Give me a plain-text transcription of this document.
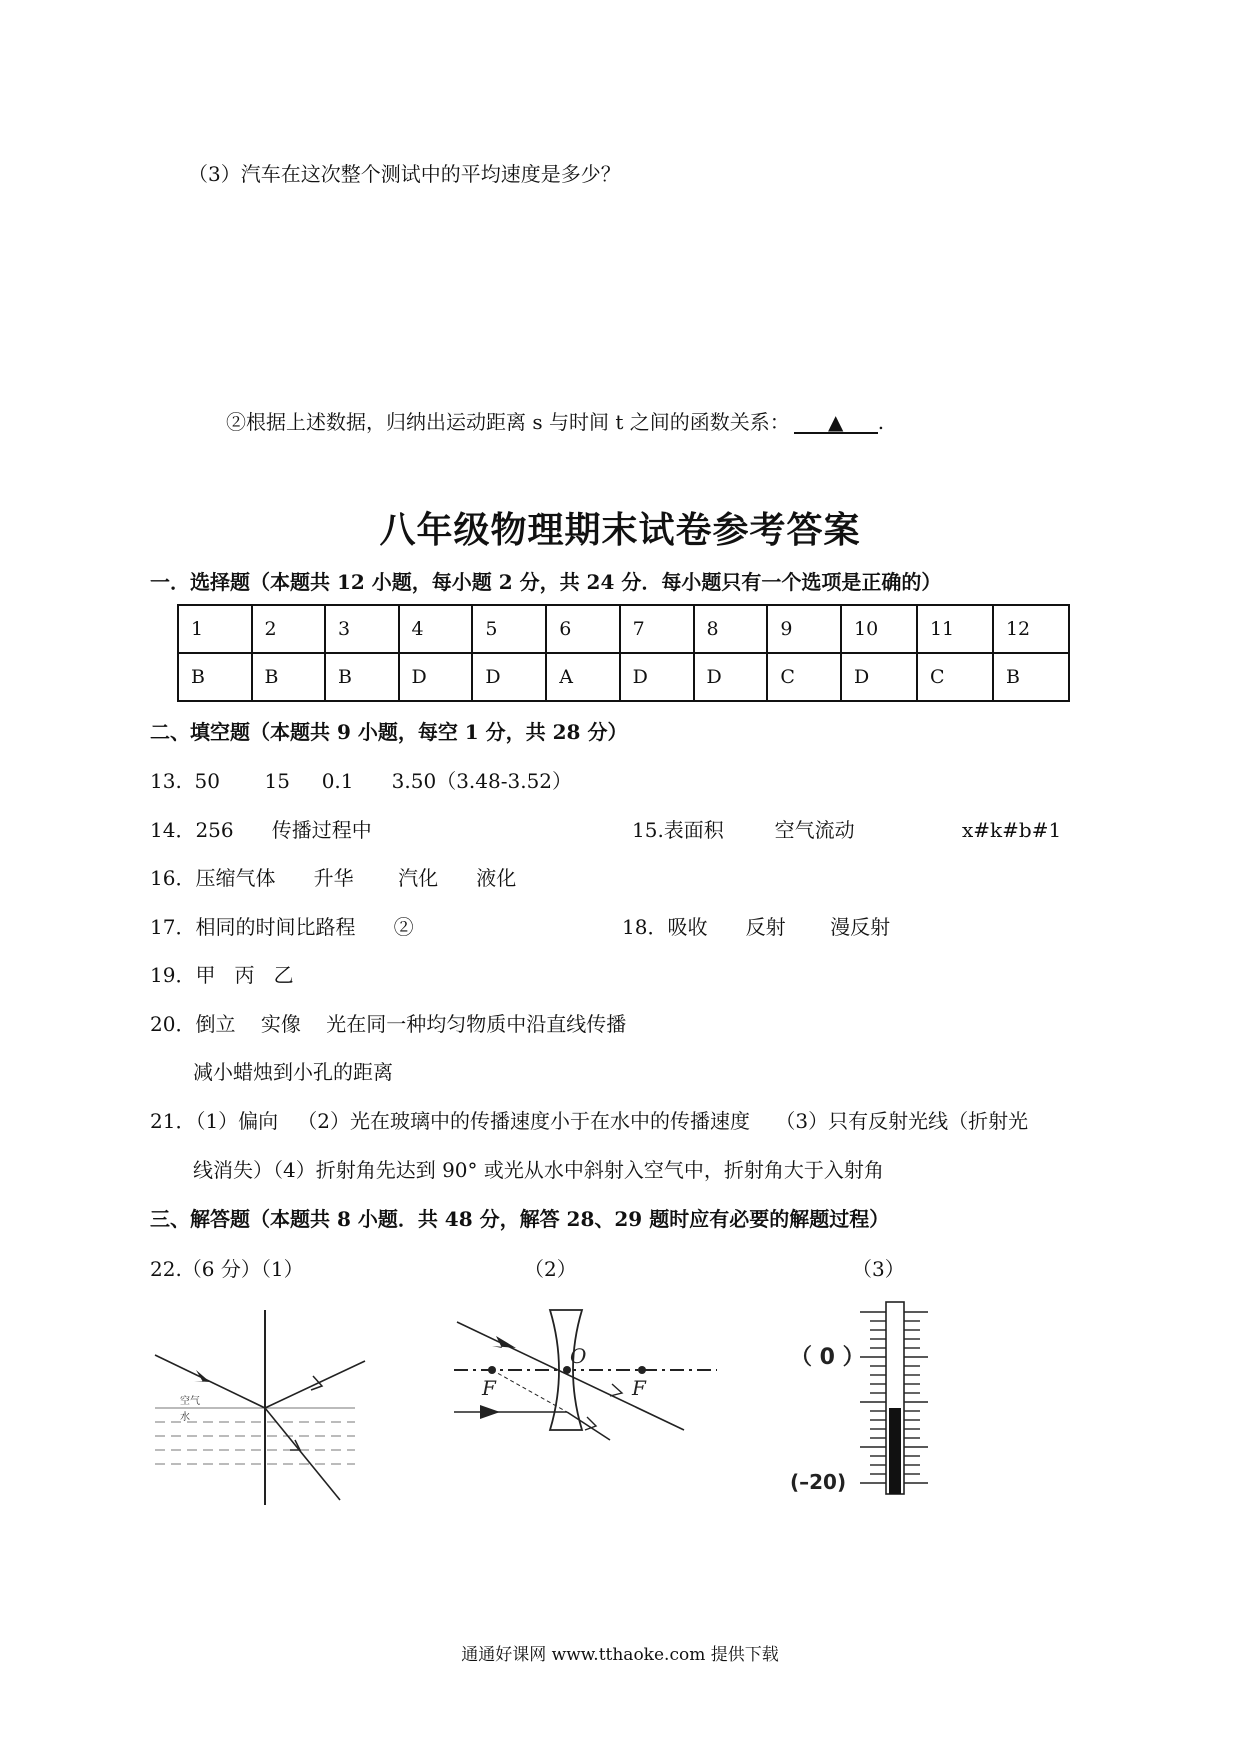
（3）汽车在这次整个测试中的平均速度是多少？
②根据上述数据，归纳出运动距离 s 与时间 t 之间的函数关系： ▲ .
八年级物理期末试卷参考答案
一．选择题（本题共 12 小题，每小题 2 分，共 24 分．每小题只有一个选项是正确的）
1	2	3	4	5	6	7	8	9	10	11	12
B	B	B	D	D	A	D	D	C	D	C	B
二、填空题（本题共 9 小题，每空 1 分，共 28 分）
13.  50       15     0.1      3.50（3.48-3.52）
14．256      传播过程中	15.表面积        空气流动	x#k#b#1
16．压缩气体      升华       汽化      液化
17．相同的时间比路程      ②	18．吸收      反射       漫反射
19．甲   丙   乙
20．倒立    实像    光在同一种均匀物质中沿直线传播
减小蜡烛到小孔的距离
21．（1）偏向   （2）光在玻璃中的传播速度小于在水中的传播速度    （3）只有反射光线（折射光
线消失）（4）折射角先达到 90° 或光从水中斜射入空气中，折射角大于入射角
三、解答题（本题共 8 小题．共 48 分，解答 28、29 题时应有必要的解题过程）
22.（6 分）（1）	（2）	（3）
空气
水
O
F	F
（ 0 ）
(–20)
通通好课网 www.tthaoke.com 提供下载
